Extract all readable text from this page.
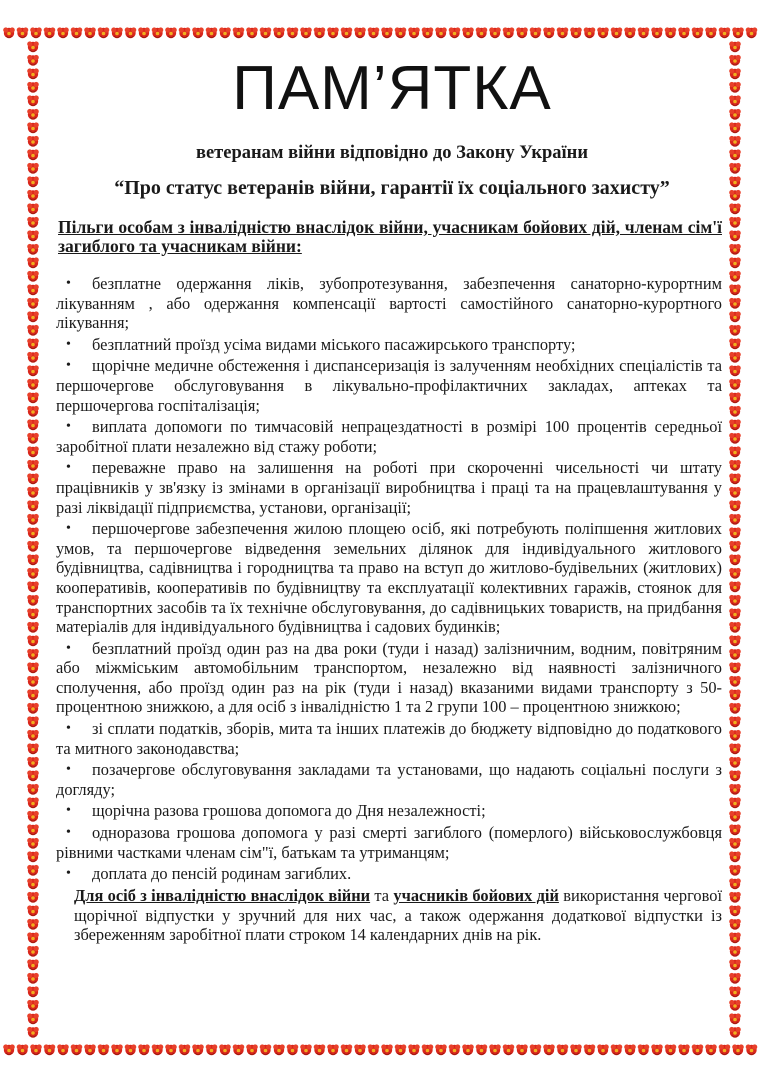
ПАМ’ЯТКА

ветеранам війни відповідно до Закону України

“Про статус ветеранів війни, гарантії їх соціального захисту”

Пільги особам з інвалідністю внаслідок війни, учасникам бойових дій, членам сім'ї загиблого та учасникам війни:

• безплатне одержання ліків, зубопротезування, забезпечення санаторно-курортним лікуванням , або одержання компенсації вартості самостійного санаторно-курортного лікування;
• безплатний проїзд усіма видами міського пасажирського транспорту;
• щорічне медичне обстеження і диспансеризація із залученням необхідних спеціалістів та першочергове обслуговування в лікувально-профілактичних закладах, аптеках та першочергова госпіталізація;
• виплата допомоги по тимчасовій непрацездатності в розмірі 100 процентів середньої заробітної плати незалежно від стажу роботи;
• переважне право на залишення на роботі при скороченні чисельності чи штату працівників у зв'язку із змінами в організації виробництва і праці та на працевлаштування у разі ліквідації підприємства, установи, організації;
• першочергове забезпечення жилою площею осіб, які потребують поліпшення житлових умов, та першочергове відведення земельних ділянок для індивідуального житлового будівництва, садівництва і городництва та право на вступ до житлово-будівельних (житлових) кооперативів, кооперативів по будівництву та експлуатації колективних гаражів, стоянок для транспортних засобів та їх технічне обслуговування, до садівницьких товариств, на придбання матеріалів для індивідуального будівництва і садових будинків;
• безплатний проїзд один раз на два роки (туди і назад) залізничним, водним, повітряним або міжміським автомобільним транспортом, незалежно від наявності залізничного сполучення, або проїзд один раз на рік (туди і назад) вказаними видами транспорту з 50-процентною знижкою, а для осіб з інвалідністю 1 та 2 групи 100 – процентною знижкою;
• зі сплати податків, зборів, мита та інших платежів до бюджету відповідно до податкового та митного законодавства;
• позачергове обслуговування закладами та установами, що надають соціальні послуги з догляду;
• щорічна разова грошова допомога до Дня незалежності;
• одноразова грошова допомога у разі смерті загиблого (померлого) військовослужбовця рівними частками членам сім"ї, батькам та утриманцям;
• доплата до пенсій родинам загиблих.

Для осіб з інвалідністю внаслідок війни та учасників бойових дій використання чергової щорічної відпустки у зручний для них час, а також одержання додаткової відпустки із збереженням заробітної плати строком 14 календарних днів на рік.
